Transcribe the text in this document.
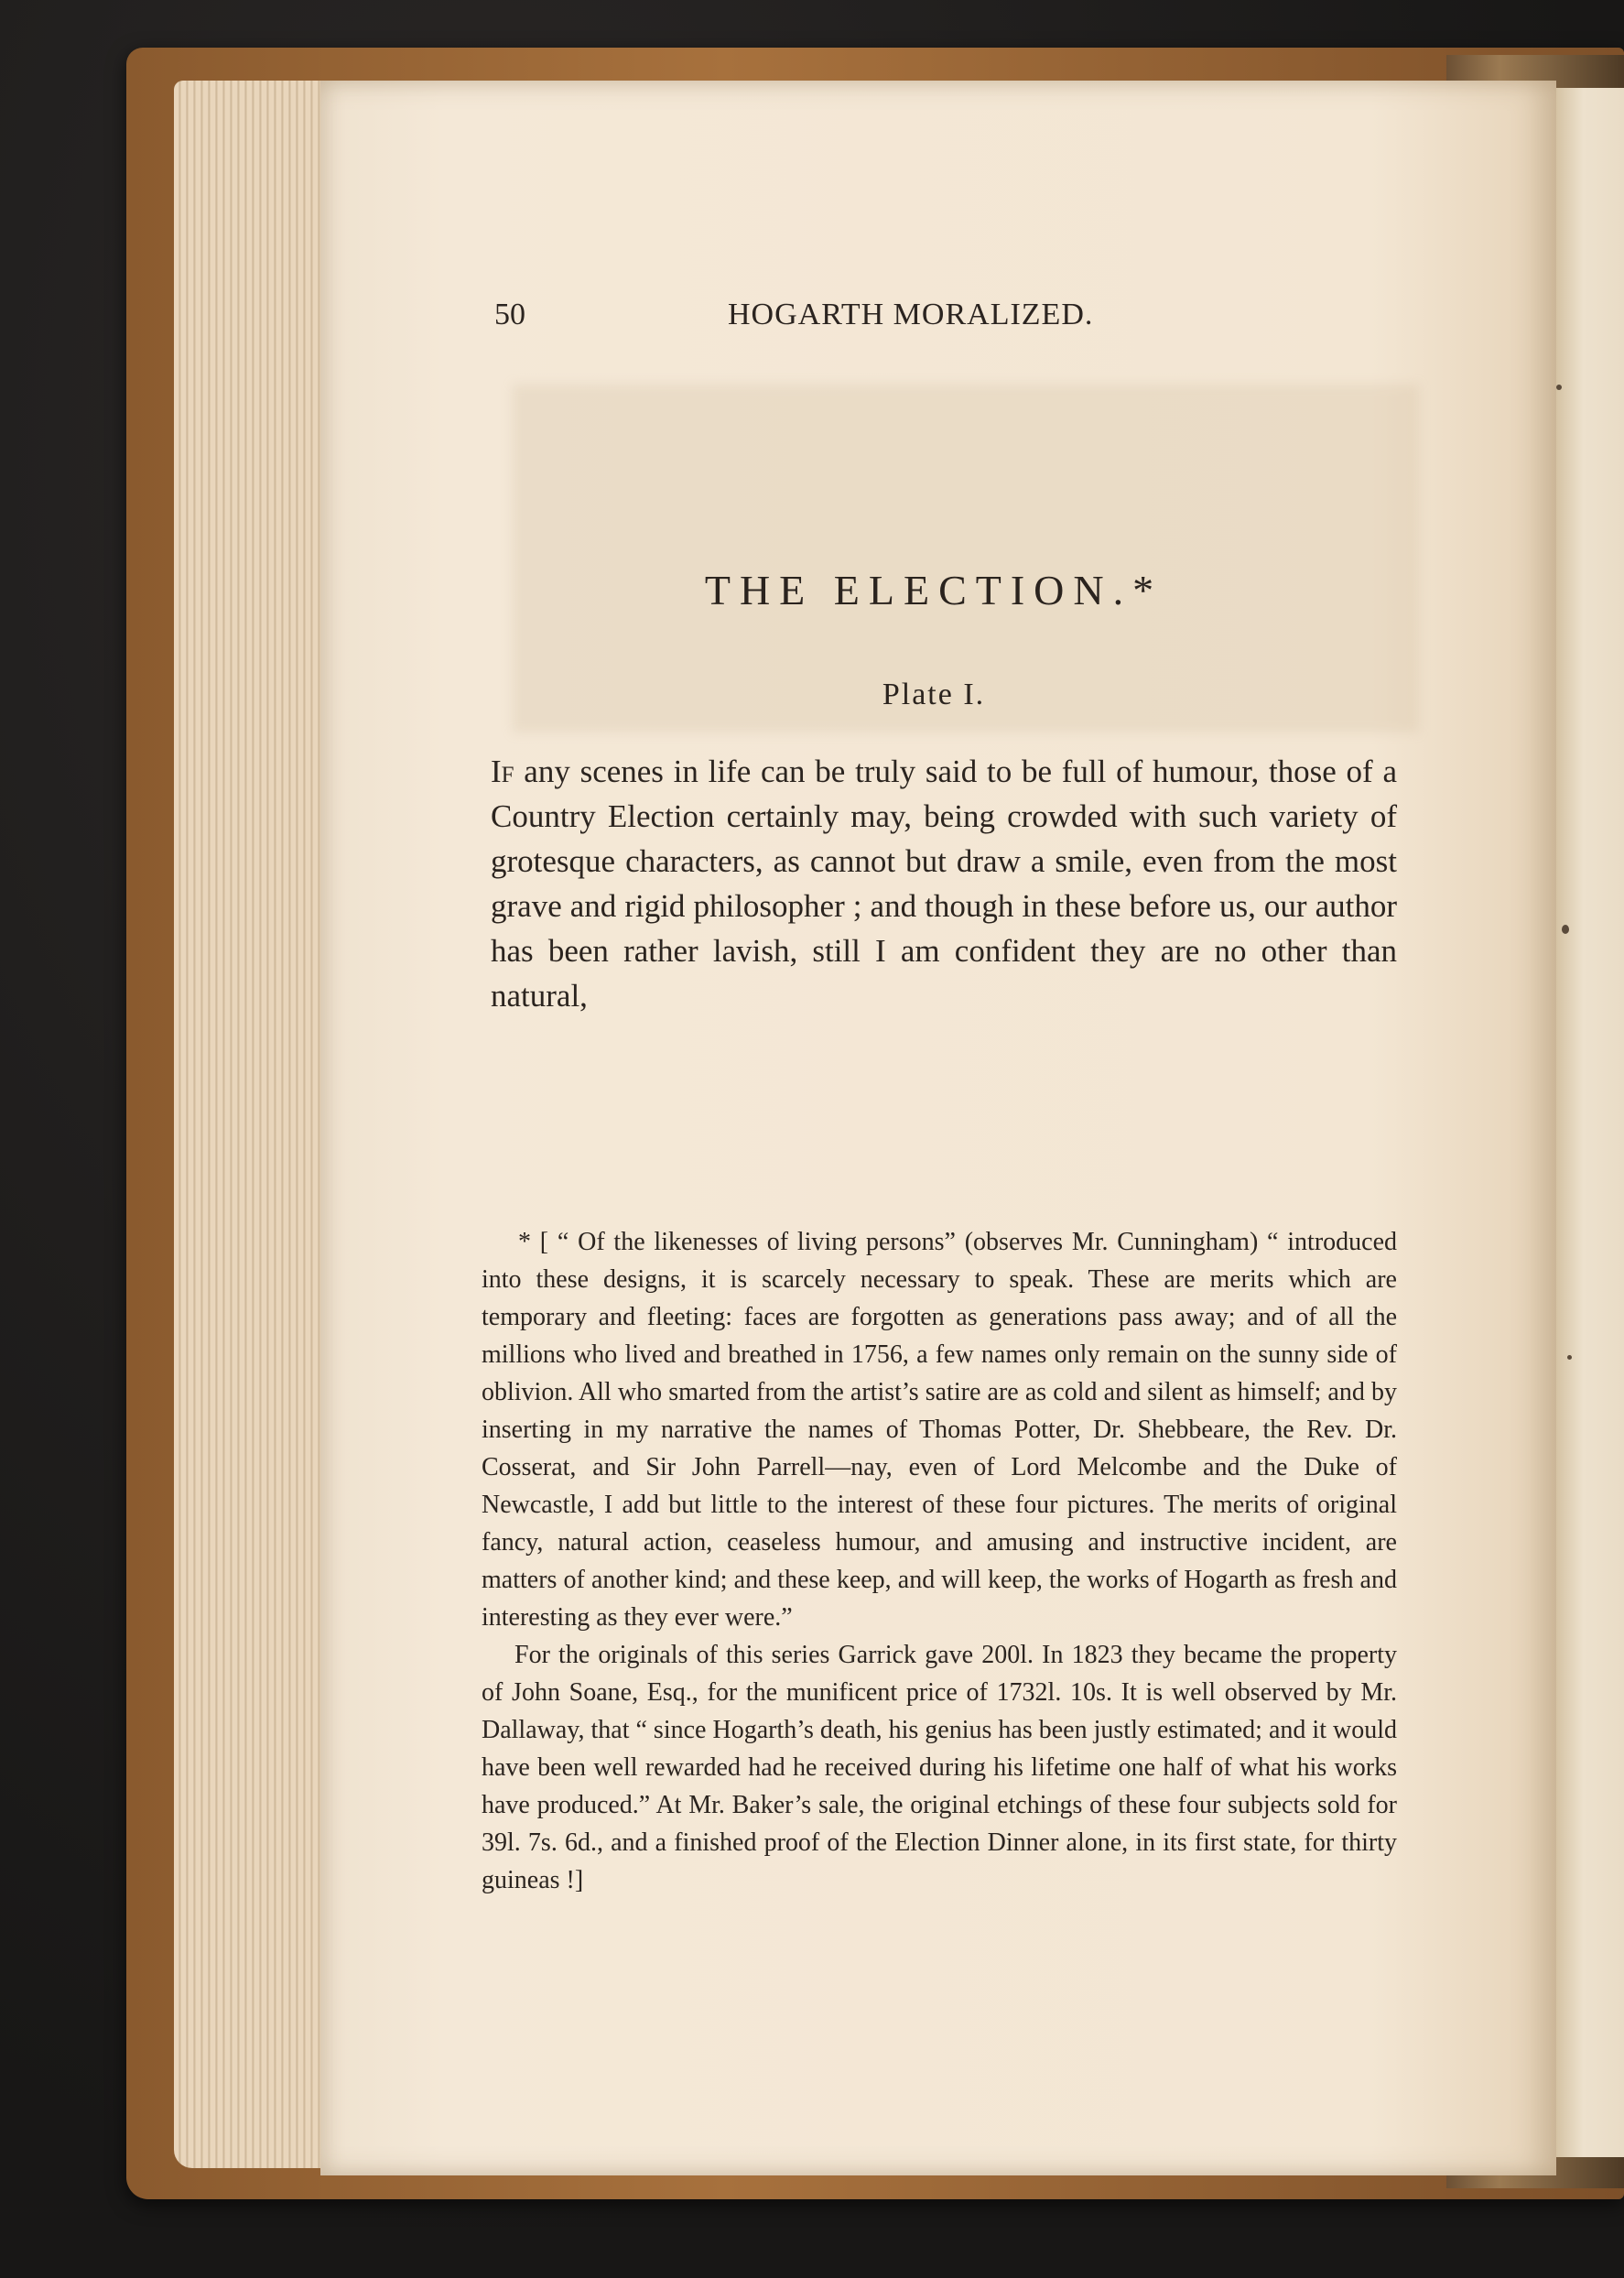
50	HOGARTH MORALIZED.
THE ELECTION.*
Plate I.

If any scenes in life can be truly said to be full of humour, those of a Country Election certainly may, being crowded with such variety of grotesque characters, as cannot but draw a smile, even from the most grave and rigid philosopher ; and though in these before us, our author has been rather lavish, still I am confident they are no other than natural,

* [ “ Of the likenesses of living persons” (observes Mr. Cunningham) “ introduced into these designs, it is scarcely necessary to speak. These are merits which are temporary and fleeting: faces are forgotten as generations pass away; and of all the millions who lived and breathed in 1756, a few names only remain on the sunny side of oblivion. All who smarted from the artist’s satire are as cold and silent as himself; and by inserting in my narrative the names of Thomas Potter, Dr. Shebbeare, the Rev. Dr. Cosserat, and Sir John Parrell—nay, even of Lord Melcombe and the Duke of Newcastle, I add but little to the interest of these four pictures. The merits of original fancy, natural action, ceaseless humour, and amusing and instructive incident, are matters of another kind; and these keep, and will keep, the works of Hogarth as fresh and interesting as they ever were.”

For the originals of this series Garrick gave 200l. In 1823 they became the property of John Soane, Esq., for the munificent price of 1732l. 10s. It is well observed by Mr. Dallaway, that “ since Hogarth’s death, his genius has been justly estimated; and it would have been well rewarded had he received during his lifetime one half of what his works have produced.” At Mr. Baker’s sale, the original etchings of these four subjects sold for 39l. 7s. 6d., and a finished proof of the Election Dinner alone, in its first state, for thirty guineas !]
